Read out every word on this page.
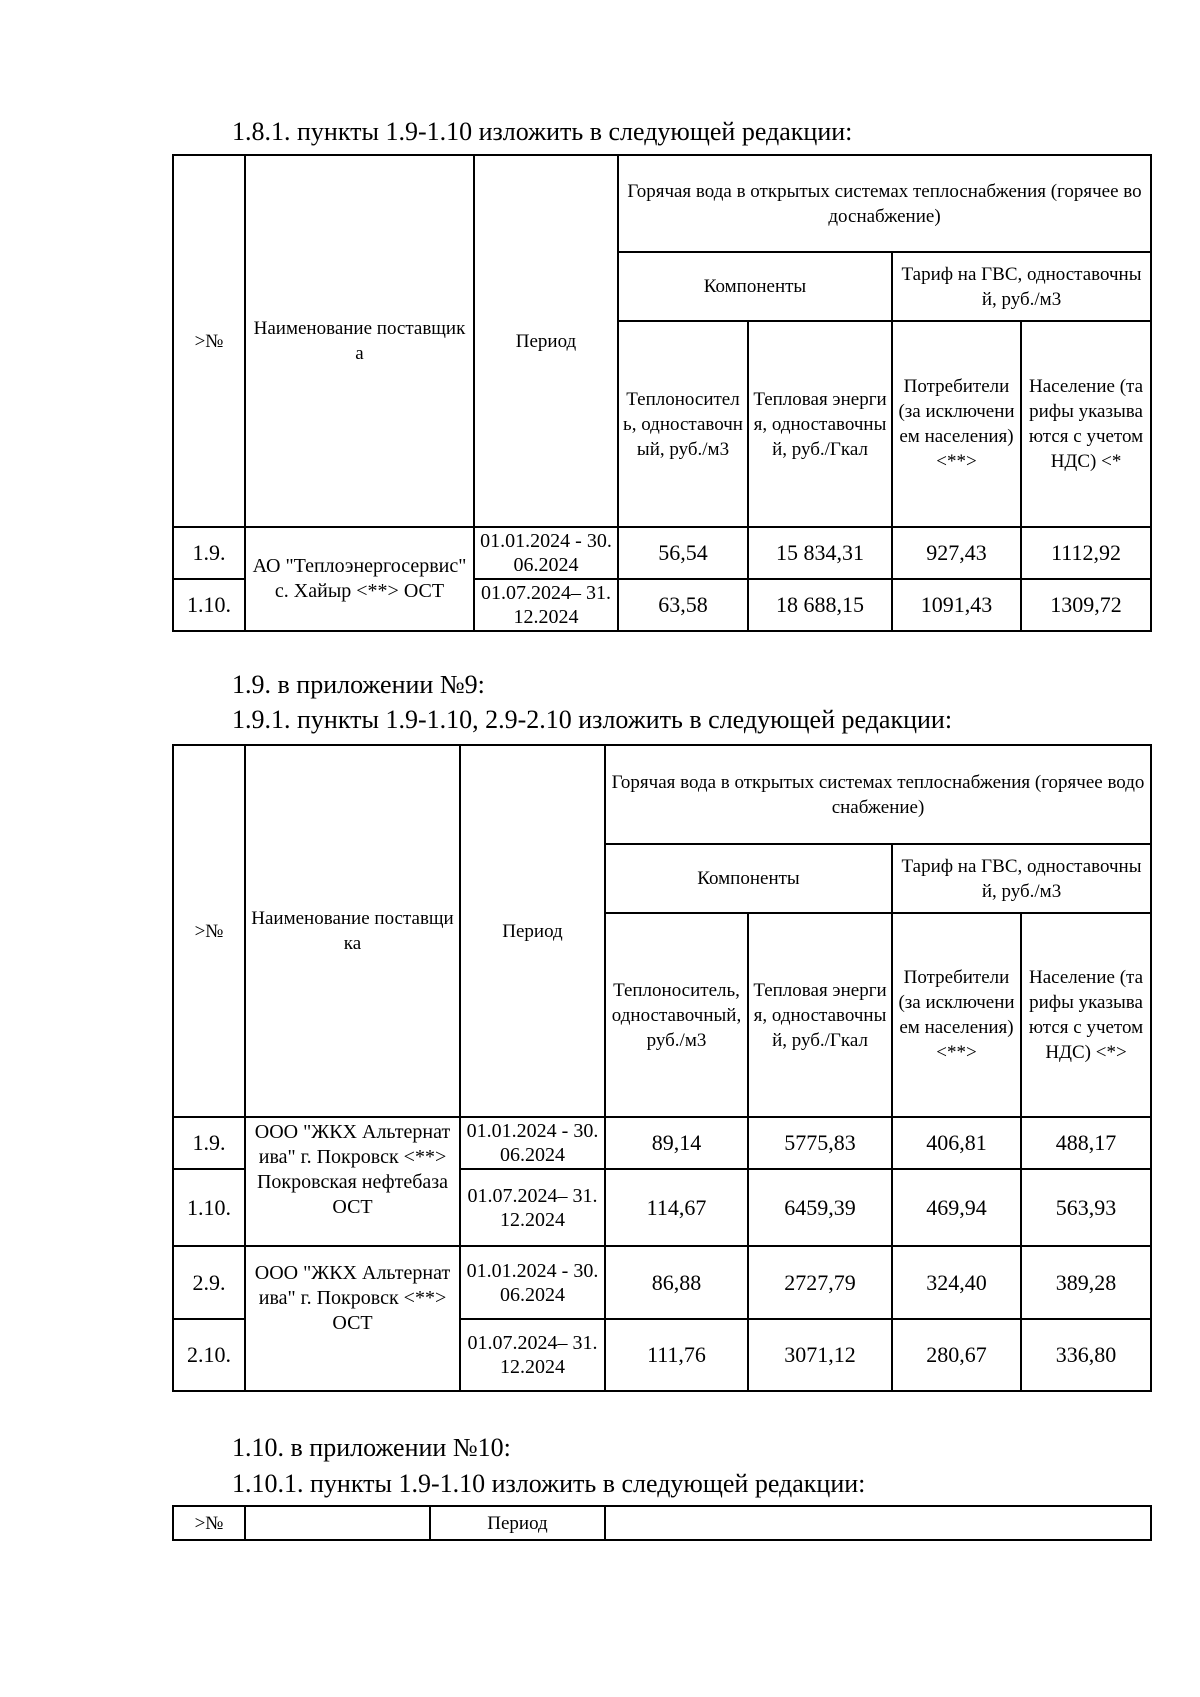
1.8.1. пункты 1.9-1.10 изложить в следующей редакции:
>№	Наименование поставщика	Период	Горячая вода в открытых системах теплоснабжения (горячее водоснабжение)			
			Компоненты		Тариф на ГВС, одноставочный, руб./м3	
			Теплоноситель, одноставочный, руб./м3	Тепловая энергия, одноставочный, руб./Гкал	Потребители (за исключением населения) <**>	Население (тарифы указываются с учетом НДС) <*
1.9.	АО "Теплоэнергосервис" с. Хайыр <**> ОСТ	01.01.2024 - 30.06.2024	56,54	15 834,31	927,43	1112,92
1.10.		01.07.2024– 31.12.2024	63,58	18 688,15	1091,43	1309,72
1.9. в приложении №9:
1.9.1. пункты 1.9-1.10, 2.9-2.10 изложить в следующей редакции:
>№	Наименование поставщика	Период	Горячая вода в открытых системах теплоснабжения (горячее водоснабжение)			
			Компоненты		Тариф на ГВС, одноставочный, руб./м3	
			Теплоноситель, одноставочный, руб./м3	Тепловая энергия, одноставочный, руб./Гкал	Потребители (за исключением населения) <**>	Население (тарифы указываются с учетом НДС) <*>
1.9.	ООО "ЖКХ Альтернатива" г. Покровск <**> Покровская нефтебаза ОСТ	01.01.2024 - 30.06.2024	89,14	5775,83	406,81	488,17
1.10.		01.07.2024– 31.12.2024	114,67	6459,39	469,94	563,93
2.9.	ООО "ЖКХ Альтернатива" г. Покровск <**> ОСТ	01.01.2024 - 30.06.2024	86,88	2727,79	324,40	389,28
2.10.		01.07.2024– 31.12.2024	111,76	3071,12	280,67	336,80
1.10. в приложении №10:
1.10.1. пункты 1.9-1.10 изложить в следующей редакции:
>№		Период	
